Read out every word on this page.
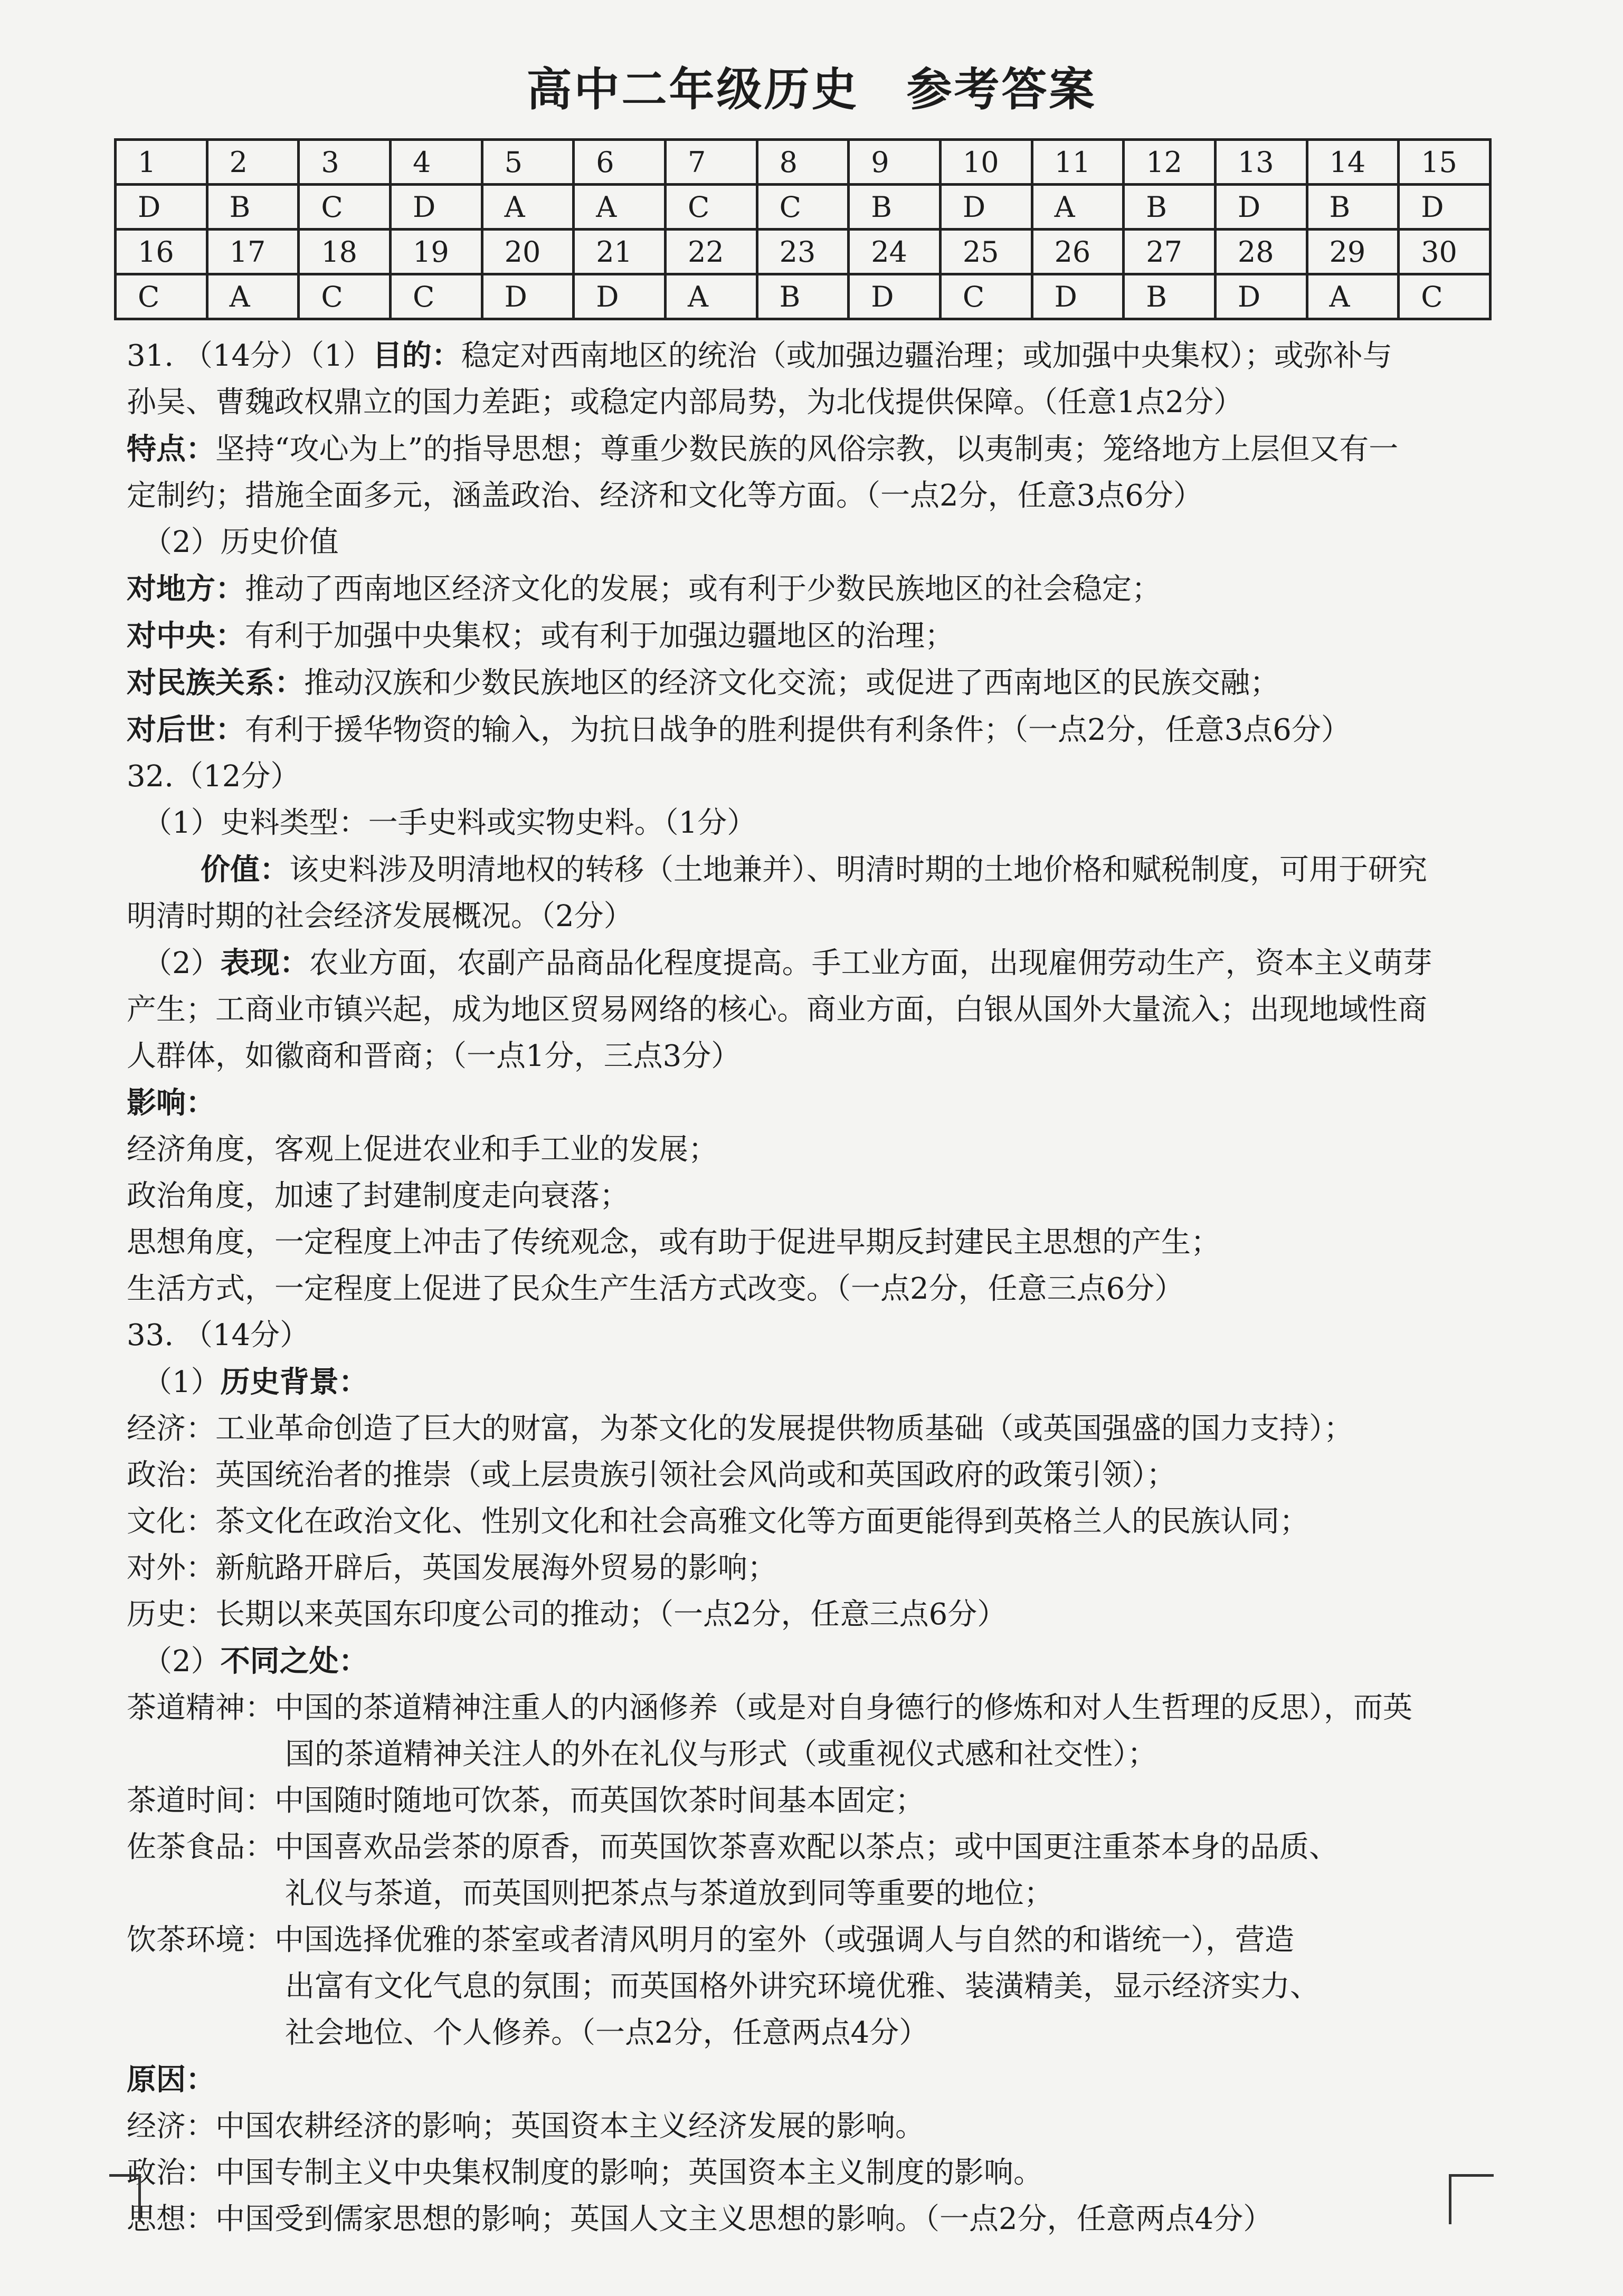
高中二年级历史 参考答案
1	2	3	4	5	6	7	8	9	10	11	12	13	14	15
D	B	C	D	A	A	C	C	B	D	A	B	D	B	D
16	17	18	19	20	21	22	23	24	25	26	27	28	29	30
C	A	C	C	D	D	A	B	D	C	D	B	D	A	C

31. （14分）（1）目的：稳定对西南地区的统治（或加强边疆治理；或加强中央集权）；或弥补与

孙吴、曹魏政权鼎立的国力差距；或稳定内部局势，为北伐提供保障。（任意1点2分）

特点：坚持“攻心为上”的指导思想；尊重少数民族的风俗宗教，以夷制夷；笼络地方上层但又有一

定制约；措施全面多元，涵盖政治、经济和文化等方面。（一点2分，任意3点6分）

（2）历史价值

对地方：推动了西南地区经济文化的发展；或有利于少数民族地区的社会稳定；

对中央：有利于加强中央集权；或有利于加强边疆地区的治理；

对民族关系：推动汉族和少数民族地区的经济文化交流；或促进了西南地区的民族交融；

对后世：有利于援华物资的输入，为抗日战争的胜利提供有利条件；（一点2分，任意3点6分）

32.（12分）

（1）史料类型：一手史料或实物史料。（1分）

价值：该史料涉及明清地权的转移（土地兼并）、明清时期的土地价格和赋税制度，可用于研究

明清时期的社会经济发展概况。（2分）

（2）表现：农业方面，农副产品商品化程度提高。手工业方面，出现雇佣劳动生产，资本主义萌芽

产生；工商业市镇兴起，成为地区贸易网络的核心。商业方面，白银从国外大量流入；出现地域性商

人群体，如徽商和晋商；（一点1分，三点3分）

影响：

经济角度，客观上促进农业和手工业的发展；

政治角度，加速了封建制度走向衰落；

思想角度，一定程度上冲击了传统观念，或有助于促进早期反封建民主思想的产生；

生活方式，一定程度上促进了民众生产生活方式改变。（一点2分，任意三点6分）

33. （14分）

（1）历史背景：

经济：工业革命创造了巨大的财富，为茶文化的发展提供物质基础（或英国强盛的国力支持）；

政治：英国统治者的推崇（或上层贵族引领社会风尚或和英国政府的政策引领）；

文化：茶文化在政治文化、性别文化和社会高雅文化等方面更能得到英格兰人的民族认同；

对外：新航路开辟后，英国发展海外贸易的影响；

历史：长期以来英国东印度公司的推动；（一点2分，任意三点6分）

（2）不同之处：

茶道精神：中国的茶道精神注重人的内涵修养（或是对自身德行的修炼和对人生哲理的反思），而英

国的茶道精神关注人的外在礼仪与形式（或重视仪式感和社交性）；

茶道时间：中国随时随地可饮茶，而英国饮茶时间基本固定；

佐茶食品：中国喜欢品尝茶的原香，而英国饮茶喜欢配以茶点；或中国更注重茶本身的品质、

礼仪与茶道，而英国则把茶点与茶道放到同等重要的地位；

饮茶环境：中国选择优雅的茶室或者清风明月的室外（或强调人与自然的和谐统一），营造

出富有文化气息的氛围；而英国格外讲究环境优雅、装潢精美，显示经济实力、

社会地位、个人修养。（一点2分，任意两点4分）

原因：

经济：中国农耕经济的影响；英国资本主义经济发展的影响。

政治：中国专制主义中央集权制度的影响；英国资本主义制度的影响。

思想：中国受到儒家思想的影响；英国人文主义思想的影响。（一点2分，任意两点4分）
